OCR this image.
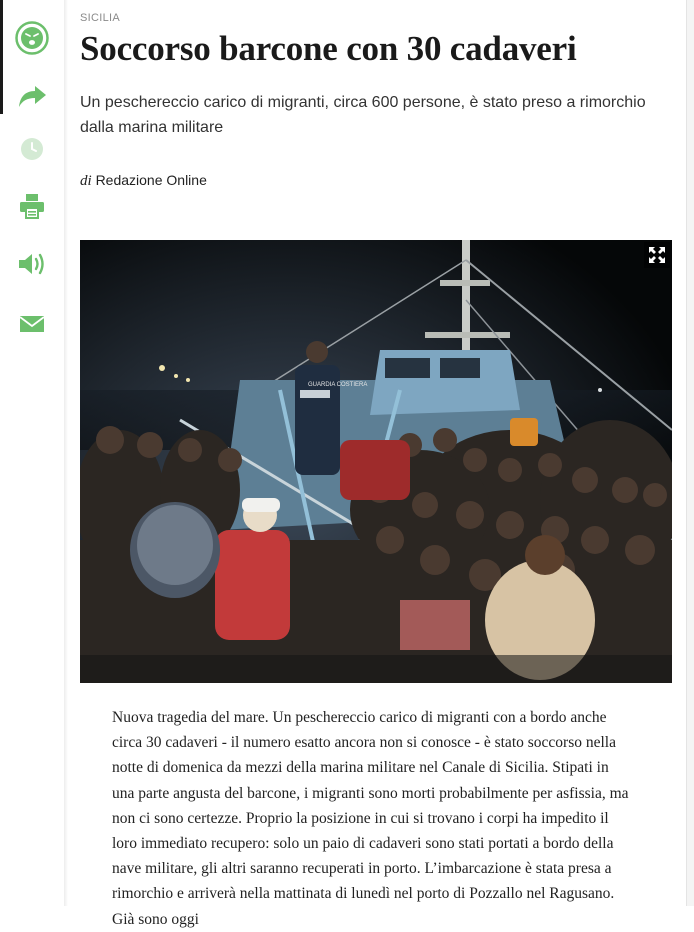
SICILIA
Soccorso barcone con 30 cadaveri

Un peschereccio carico di migranti, circa 600 persone, è stato preso a rimorchio dalla marina militare

di Redazione Online
GUARDIA COSTIERA

Nuova tragedia del mare. Un peschereccio carico di migranti con a bordo anche circa 30 cadaveri - il numero esatto ancora non si conosce - è stato soccorso nella notte di domenica da mezzi della marina militare nel Canale di Sicilia. Stipati in una parte angusta del barcone, i migranti sono morti probabilmente per asfissia, ma non ci sono certezze. Proprio la posizione in cui si trovano i corpi ha impedito il loro immediato recupero: solo un paio di cadaveri sono stati portati a bordo della nave militare, gli altri saranno recuperati in porto. L’imbarcazione è stata presa a rimorchio e arriverà nella mattinata di lunedì nel porto di Pozzallo nel Ragusano. Già sono oggi
